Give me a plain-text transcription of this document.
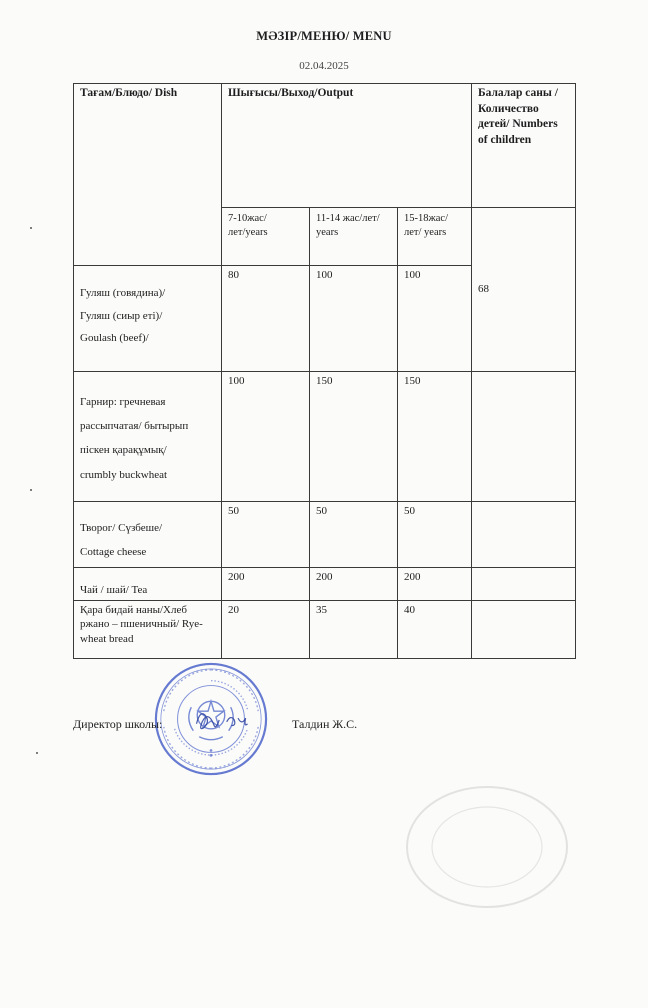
МӘЗІР/МЕНЮ/ MENU
02.04.2025
Тағам/Блюдо/ Dish	Шығысы/Выход/Output			Балалар саны /Количество детей/ Numbers of children
	7-10жас/лет/years	11-14 жас/лет/ years	15-18жас/лет/ years	68

Гуляш (говядина)/
Гуляш (сиыр еті)/
Goulash (beef)/	80	100	100	

Гарнир: гречневая
рассыпчатая/ бытырып
піскен қарақұмық/
crumbly buckwheat	100	150	150	

Творог/ Сүзбеше/
Cottage cheese	50	50	50	

Чай / шай/ Tea	200	200	200	
Қара бидай наны/Хлеб ржано – пшеничный/ Rye-wheat bread	20	35	40	
Директор школы:	Талдин Ж.С.
